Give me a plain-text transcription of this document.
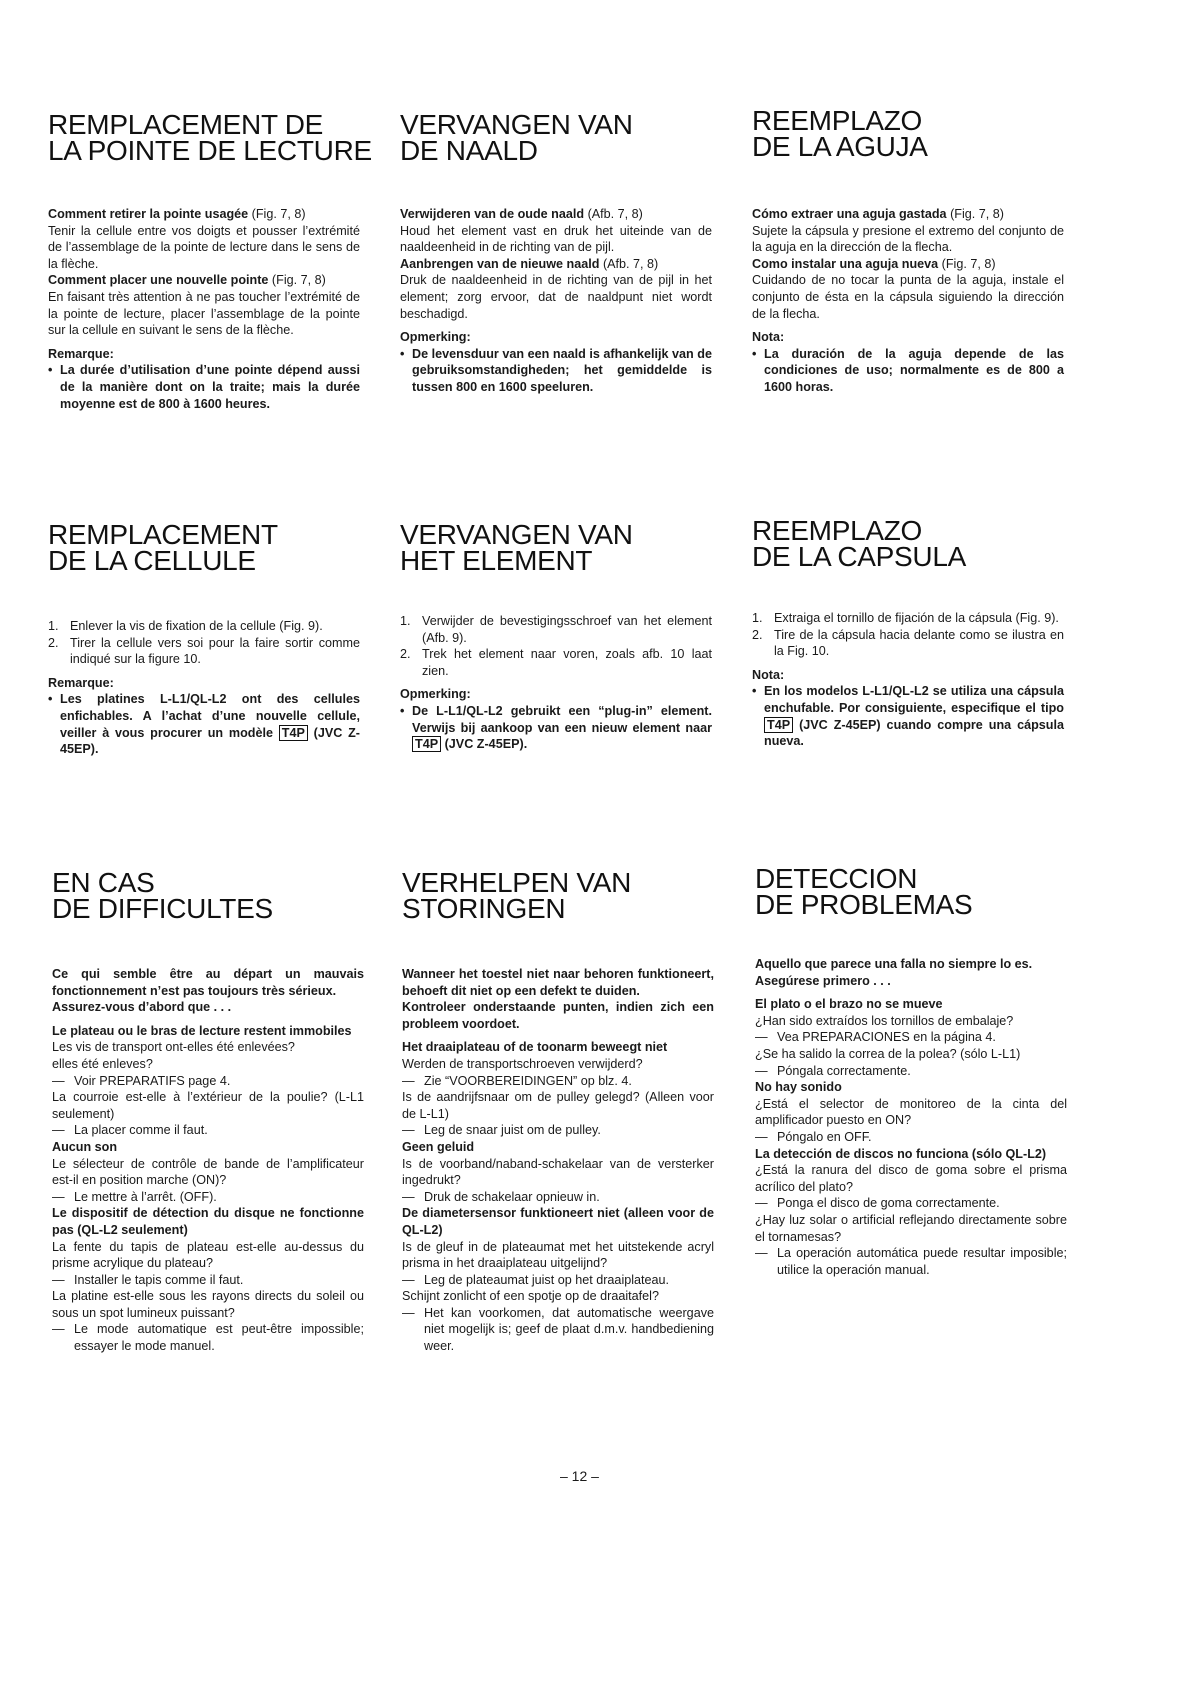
REMPLACEMENT DE
LA POINTE DE LECTURE

Comment retirer la pointe usagée (Fig. 7, 8)

Tenir la cellule entre vos doigts et pousser l’extrémité de l’assemblage de la pointe de lecture dans le sens de la flèche.

Comment placer une nouvelle pointe (Fig. 7, 8)

En faisant très attention à ne pas toucher l’extrémité de la pointe de lecture, placer l’assemblage de la pointe sur la cellule en suivant le sens de la flèche.

Remarque:

• La durée d’utilisation d’une pointe dépend aussi de la manière dont on la traite; mais la durée moyenne est de 800 à 1600 heures.

VERVANGEN VAN
DE NAALD

Verwijderen van de oude naald (Afb. 7, 8)

Houd het element vast en druk het uiteinde van de naaldeenheid in de richting van de pijl.

Aanbrengen van de nieuwe naald (Afb. 7, 8)

Druk de naaldeenheid in de richting van de pijl in het element; zorg ervoor, dat de naaldpunt niet wordt beschadigd.

Opmerking:

• De levensduur van een naald is afhankelijk van de gebruiksomstandigheden; het gemiddelde is tussen 800 en 1600 speeluren.

REEMPLAZO
DE LA AGUJA

Cómo extraer una aguja gastada (Fig. 7, 8)

Sujete la cápsula y presione el extremo del conjunto de la aguja en la dirección de la flecha.

Como instalar una aguja nueva (Fig. 7, 8)

Cuidando de no tocar la punta de la aguja, instale el conjunto de ésta en la cápsula siguiendo la dirección de la flecha.

Nota:

• La duración de la aguja depende de las condiciones de uso; normalmente es de 800 a 1600 horas.

REMPLACEMENT
DE LA CELLULE

1. Enlever la vis de fixation de la cellule (Fig. 9).

2. Tirer la cellule vers soi pour la faire sortir comme indiqué sur la figure 10.

Remarque:

• Les platines L-L1/QL-L2 ont des cellules enfichables. A l’achat d’une nouvelle cellule, veiller à vous procurer un modèle T4P (JVC Z-45EP).

VERVANGEN VAN
HET ELEMENT

1. Verwijder de bevestigingsschroef van het element (Afb. 9).

2. Trek het element naar voren, zoals afb. 10 laat zien.

Opmerking:

• De L-L1/QL-L2 gebruikt een “plug-in” element. Verwijs bij aankoop van een nieuw element naar T4P (JVC Z-45EP).

REEMPLAZO
DE LA CAPSULA

1. Extraiga el tornillo de fijación de la cápsula (Fig. 9).

2. Tire de la cápsula hacia delante como se ilustra en la Fig. 10.

Nota:

• En los modelos L-L1/QL-L2 se utiliza una cápsula enchufable. Por consiguiente, especifique el tipo T4P (JVC Z-45EP) cuando compre una cápsula nueva.

EN CAS
DE DIFFICULTES

Ce qui semble être au départ un mauvais fonctionnement n’est pas toujours très sérieux.

Assurez-vous d’abord que . . .

Le plateau ou le bras de lecture restent immobiles

Les vis de transport ont-elles été enlevées?

elles été enleves?

— Voir PREPARATIFS page 4.

La courroie est-elle à l’extérieur de la poulie? (L-L1 seulement)

— La placer comme il faut.

Aucun son

Le sélecteur de contrôle de bande de l’amplificateur est-il en position marche (ON)?

— Le mettre à l’arrêt. (OFF).

Le dispositif de détection du disque ne fonctionne pas (QL-L2 seulement)

La fente du tapis de plateau est-elle au-dessus du prisme acrylique du plateau?

— Installer le tapis comme il faut.

La platine est-elle sous les rayons directs du soleil ou sous un spot lumineux puissant?

— Le mode automatique est peut-être impossible; essayer le mode manuel.

VERHELPEN VAN
STORINGEN

Wanneer het toestel niet naar behoren funktioneert, behoeft dit niet op een defekt te duiden.

Kontroleer onderstaande punten, indien zich een probleem voordoet.

Het draaiplateau of de toonarm beweegt niet

Werden de transportschroeven verwijderd?

— Zie “VOORBEREIDINGEN” op blz. 4.

Is de aandrijfsnaar om de pulley gelegd? (Alleen voor de L-L1)

— Leg de snaar juist om de pulley.

Geen geluid

Is de voorband/naband-schakelaar van de versterker ingedrukt?

— Druk de schakelaar opnieuw in.

De diametersensor funktioneert niet (alleen voor de QL-L2)

Is de gleuf in de plateaumat met het uitstekende acryl prisma in het draaiplateau uitgelijnd?

— Leg de plateaumat juist op het draaiplateau.

Schijnt zonlicht of een spotje op de draaitafel?

— Het kan voorkomen, dat automatische weergave niet mogelijk is; geef de plaat d.m.v. handbediening weer.

DETECCION
DE PROBLEMAS

Aquello que parece una falla no siempre lo es.

Asegúrese primero . . .

El plato o el brazo no se mueve

¿Han sido extraídos los tornillos de embalaje?

— Vea PREPARACIONES en la página 4.

¿Se ha salido la correa de la polea? (sólo L-L1)

— Póngala correctamente.

No hay sonido

¿Está el selector de monitoreo de la cinta del amplificador puesto en ON?

— Póngalo en OFF.

La detección de discos no funciona (sólo QL-L2)

¿Está la ranura del disco de goma sobre el prisma acrílico del plato?

— Ponga el disco de goma correctamente.

¿Hay luz solar o artificial reflejando directamente sobre el tornamesas?

— La operación automática puede resultar imposible; utilice la operación manual.

– 12 –
